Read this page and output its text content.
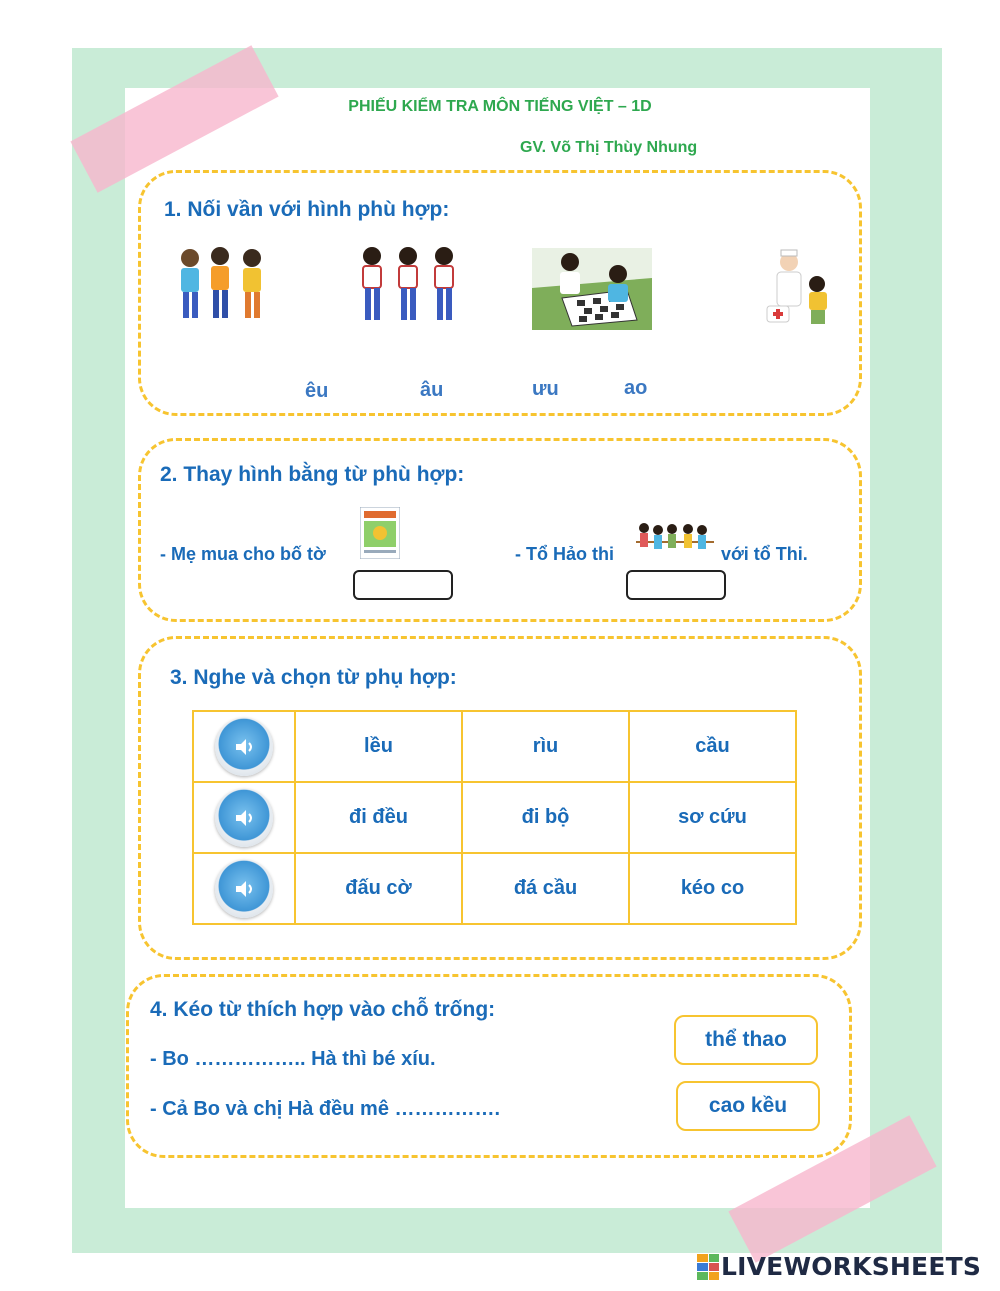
PHIẾU KIỂM TRA MÔN TIẾNG VIỆT – 1D
GV. Võ Thị Thùy Nhung
1. Nối vần với hình phù hợp:
êu	âu	ưu	ao
2. Thay hình bằng từ phù hợp:
- Mẹ mua cho bố tờ	- Tổ Hảo thi	với tổ Thi.
3. Nghe và chọn từ phụ hợp:
	lều	rìu	cầu

	đi đều	đi bộ	sơ cứu

	đấu cờ	đá cầu	kéo co
4. Kéo từ thích hợp vào chỗ trống:
- Bo …………….. Hà thì bé xíu.
- Cả Bo và chị Hà đều mê …………….
thể thao
cao kều
LIVEWORKSHEETS
